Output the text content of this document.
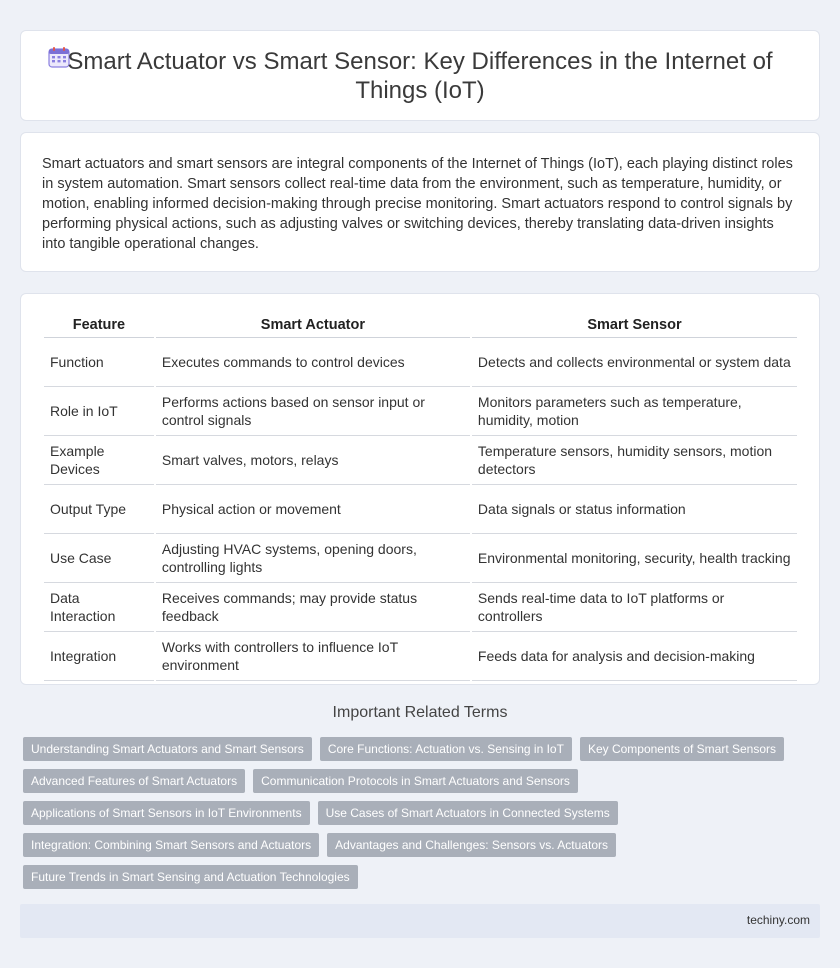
Smart Actuator vs Smart Sensor: Key Differences in the Internet of Things (IoT)

Smart actuators and smart sensors are integral components of the Internet of Things (IoT), each playing distinct roles in system automation. Smart sensors collect real-time data from the environment, such as temperature, humidity, or motion, enabling informed decision-making through precise monitoring. Smart actuators respond to control signals by performing physical actions, such as adjusting valves or switching devices, thereby translating data-driven insights into tangible operational changes.

Feature	Smart Actuator	Smart Sensor
Function	Executes commands to control devices	Detects and collects environmental or system data
Role in IoT	Performs actions based on sensor input or control signals	Monitors parameters such as temperature, humidity, motion
Example Devices	Smart valves, motors, relays	Temperature sensors, humidity sensors, motion detectors
Output Type	Physical action or movement	Data signals or status information
Use Case	Adjusting HVAC systems, opening doors, controlling lights	Environmental monitoring, security, health tracking
Data Interaction	Receives commands; may provide status feedback	Sends real-time data to IoT platforms or controllers
Integration	Works with controllers to influence IoT environment	Feeds data for analysis and decision-making
Important Related Terms
Understanding Smart Actuators and Smart Sensors	Core Functions: Actuation vs. Sensing in IoT	Key Components of Smart Sensors
Advanced Features of Smart Actuators	Communication Protocols in Smart Actuators and Sensors
Applications of Smart Sensors in IoT Environments	Use Cases of Smart Actuators in Connected Systems
Integration: Combining Smart Sensors and Actuators	Advantages and Challenges: Sensors vs. Actuators
Future Trends in Smart Sensing and Actuation Technologies
techiny.com
